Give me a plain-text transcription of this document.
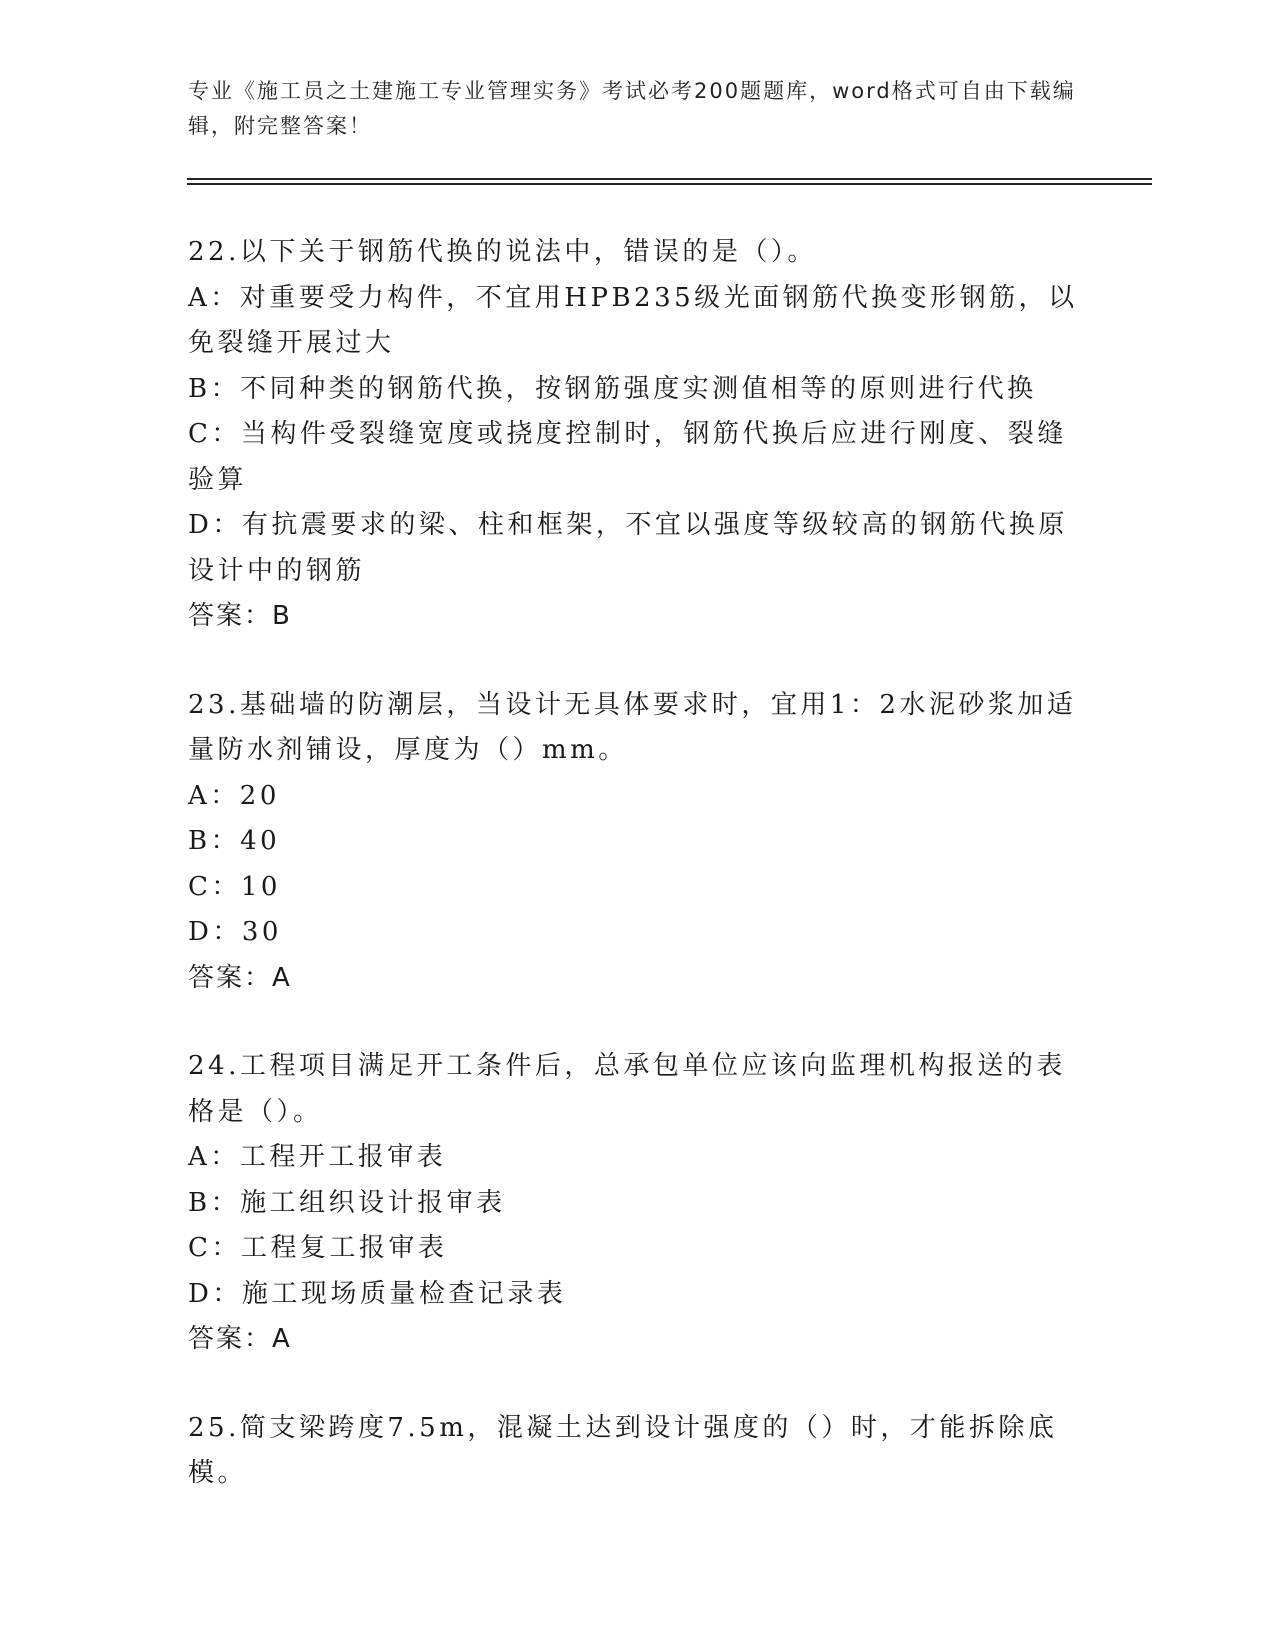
专业《施工员之土建施工专业管理实务》考试必考200题题库，word格式可自由下载编辑，附完整答案！
22.以下关于钢筋代换的说法中，错误的是（）。
A：对重要受力构件，不宜用HPB235级光面钢筋代换变形钢筋，以免裂缝开展过大
B：不同种类的钢筋代换，按钢筋强度实测值相等的原则进行代换
C：当构件受裂缝宽度或挠度控制时，钢筋代换后应进行刚度、裂缝验算
D：有抗震要求的梁、柱和框架，不宜以强度等级较高的钢筋代换原设计中的钢筋
答案：B
23.基础墙的防潮层，当设计无具体要求时，宜用1：2水泥砂浆加适量防水剂铺设，厚度为（）mm。
A：20
B：40
C：10
D：30
答案：A
24.工程项目满足开工条件后，总承包单位应该向监理机构报送的表格是（）。
A：工程开工报审表
B：施工组织设计报审表
C：工程复工报审表
D：施工现场质量检查记录表
答案：A
25.简支梁跨度7.5m，混凝土达到设计强度的（）时，才能拆除底模。
